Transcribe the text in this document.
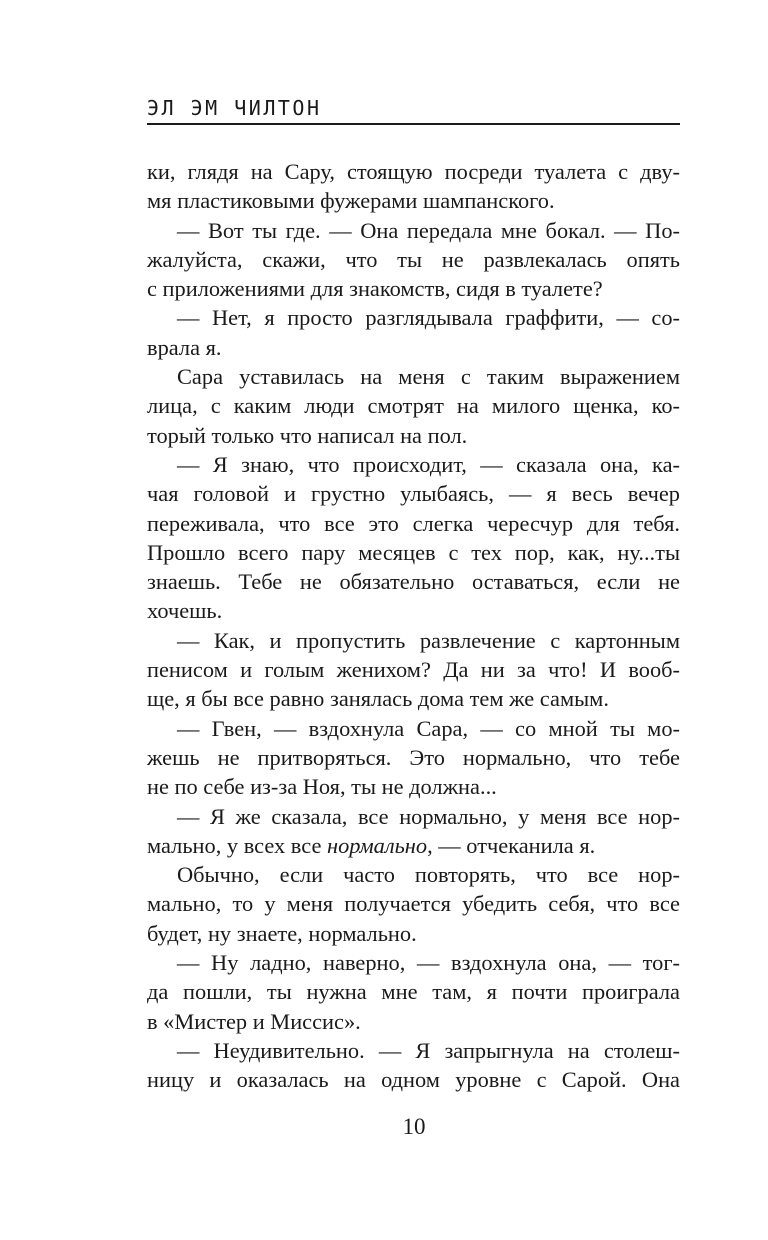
ЭЛ ЭМ ЧИЛТОН
ки, глядя на Сару, стоящую посреди туалета с дву-
мя пластиковыми фужерами шампанского.
— Вот ты где. — Она передала мне бокал. — По-
жалуйста, скажи, что ты не развлекалась опять
с приложениями для знакомств, сидя в туалете?
— Нет, я просто разглядывала граффити, — со-
врала я.
Сара уставилась на меня с таким выражением
лица, с каким люди смотрят на милого щенка, ко-
торый только что написал на пол.
— Я знаю, что происходит, — сказала она, ка-
чая головой и грустно улыбаясь, — я весь вечер
переживала, что все это слегка чересчур для тебя.
Прошло всего пару месяцев с тех пор, как, ну...ты
знаешь. Тебе не обязательно оставаться, если не
хочешь.
— Как, и пропустить развлечение с картонным
пенисом и голым женихом? Да ни за что! И вооб-
ще, я бы все равно занялась дома тем же самым.
— Гвен, — вздохнула Сара, — со мной ты мо-
жешь не притворяться. Это нормально, что тебе
не по себе из-за Ноя, ты не должна...
— Я же сказала, все нормально, у меня все нор-
мально, у всех все нормально, — отчеканила я.
Обычно, если часто повторять, что все нор-
мально, то у меня получается убедить себя, что все
будет, ну знаете, нормально.
— Ну ладно, наверно, — вздохнула она, — тог-
да пошли, ты нужна мне там, я почти проиграла
в «Мистер и Миссис».
— Неудивительно. — Я запрыгнула на столеш-
ницу и оказалась на одном уровне с Сарой. Она
10
